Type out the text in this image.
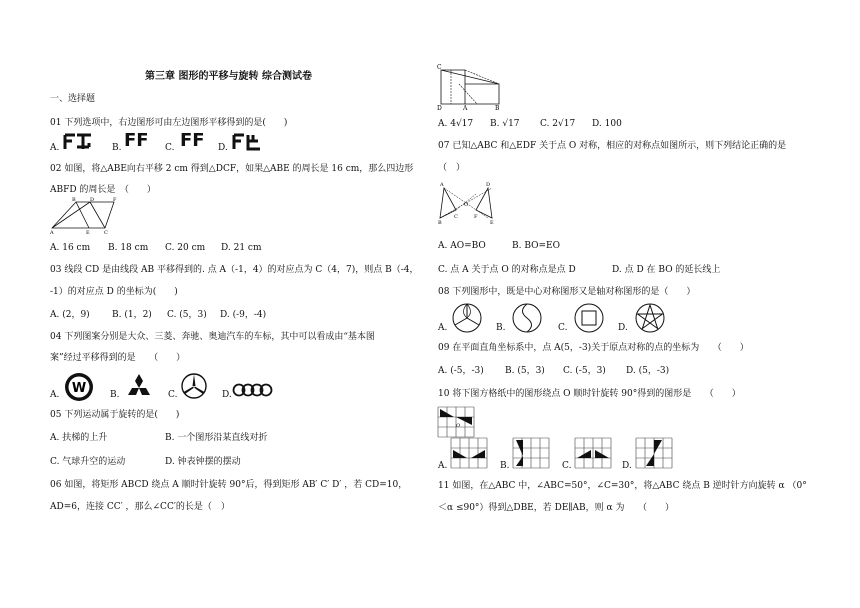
第三章 图形的平移与旋转 综合测试卷
一、选择题
01 下列选项中，右边图形可由左边图形平移得到的是(　　)
A.	B. FF C. FF D.
02 如图，将△ABE向右平移 2 cm 得到△DCF，如果△ABE 的周长是 16 cm，那么四边形
ABFD 的周长是　（　　）
A
B
E	C
D	F
A. 16 cm B. 18 cm C. 20 cm D. 21 cm
03 线段 CD 是由线段 AB 平移得到的. 点 A（-1，4）的对应点为 C（4，7)，则点 B（-4，
-1）的对应点 D 的坐标为(　　)
A. (2，9) B. (1，2) C. (5，3) D. (-9，-4)
04 下列图案分别是大众、三菱、奔驰、奥迪汽车的车标，其中可以看成由“基本图
案”经过平移得到的是　　（　　）
A. W	B.	C.	D.
05 下列运动属于旋转的是(　　)
A. 扶梯的上升	B. 一个图形沿某直线对折
C. 气球升空的运动	D. 钟表钟摆的摆动
06 如图，将矩形 ABCD 绕点 A 顺时针旋转 90°后，得到矩形 AB′ C′ D′ ，若 CD=10，
AD=6，连接 CC′ ，那么∠CC′的长是（　）
C
D	A	B
A. 4√17 B. √17 C. 2√17 D. 100
07 已知△ABC 和△EDF 关于点 O 对称，相应的对称点如图所示，则下列结论正确的是
（　）
A
B
C
O
D
E
F
A. AO=BO	B. BO=EO
C. 点 A 关于点 O 的对称点是点 D	D. 点 D 在 BO 的延长线上
08 下列图形中，既是中心对称图形又是轴对称图形的是（　　）
A.	B.	C.	D.
09 在平面直角坐标系中，点 A(5，-3)关于原点对称的点的坐标为　　（　　）
A. (-5，-3) B. (5，3) C. (-5，3) D. (5，-3)
10 将下图方格纸中的图形绕点 O 顺时针旋转 90°得到的图形是　　（　　）
O
A.	B.	C.	D.
11 如图，在△ABC 中，∠ABC=50°，∠C=30°，将△ABC 绕点 B 逆时针方向旋转 α （0°
＜α ≤90°）得到△DBE，若 DE∥AB，则 α 为　　（　　）
